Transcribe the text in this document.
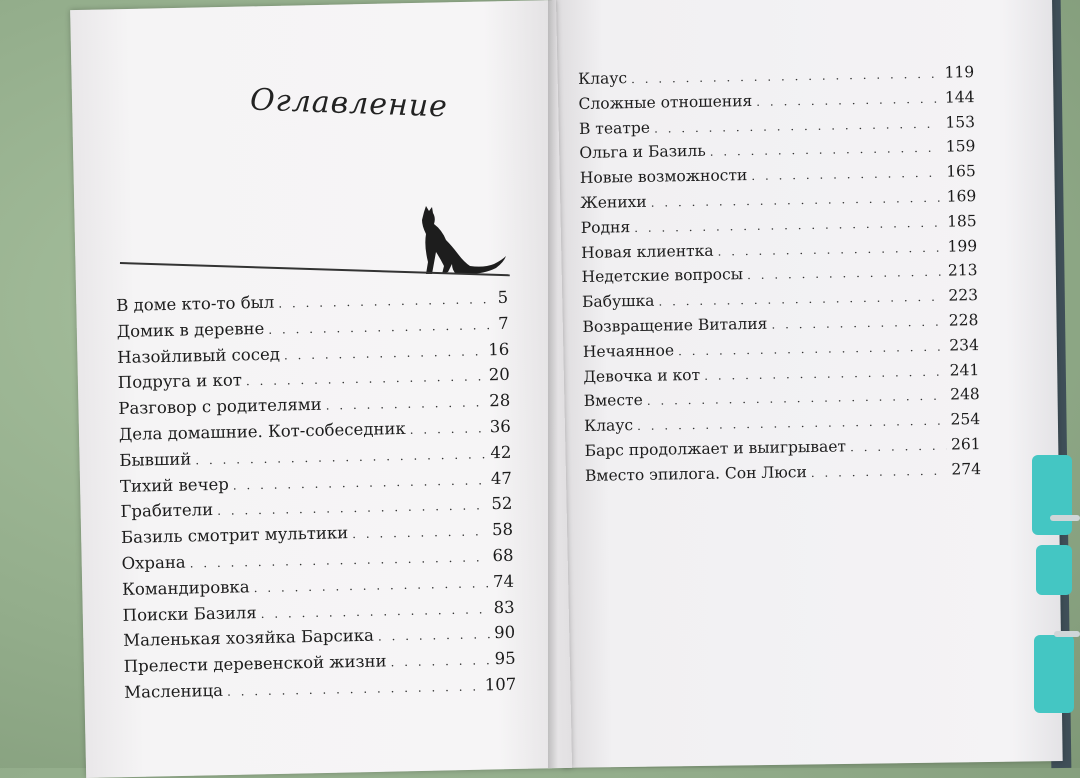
Оглавление
В доме кто-то был . . .	5
Домик в деревне . . .	7
Назойливый сосед . . .	16
Подруга и кот . . .	20
Разговор с родителями . . .	28
Дела домашние. Кот-собеседник . . .	36
Бывший . . .	42
Тихий вечер . . .	47
Грабители . . .	52
Базиль смотрит мультики . . .	58
Охрана . . .	68
Командировка . . .	74
Поиски Базиля . . .	83
Маленькая хозяйка Барсика . . .	90
Прелести деревенской жизни . . .	95
Масленица . . .	107
Клаус . . .	119
Сложные отношения . . .	144
В театре . . .	153
Ольга и Базиль . . .	159
Новые возможности . . .	165
Женихи . . .	169
Родня . . .	185
Новая клиентка . . .	199
Недетские вопросы . . .	213
Бабушка . . .	223
Возвращение Виталия . . .	228
Нечаянное . . .	234
Девочка и кот . . .	241
Вместе . . .	248
Клаус . . .	254
Барс продолжает и выигрывает . . .	261
Вместо эпилога. Сон Люси . . .	274
